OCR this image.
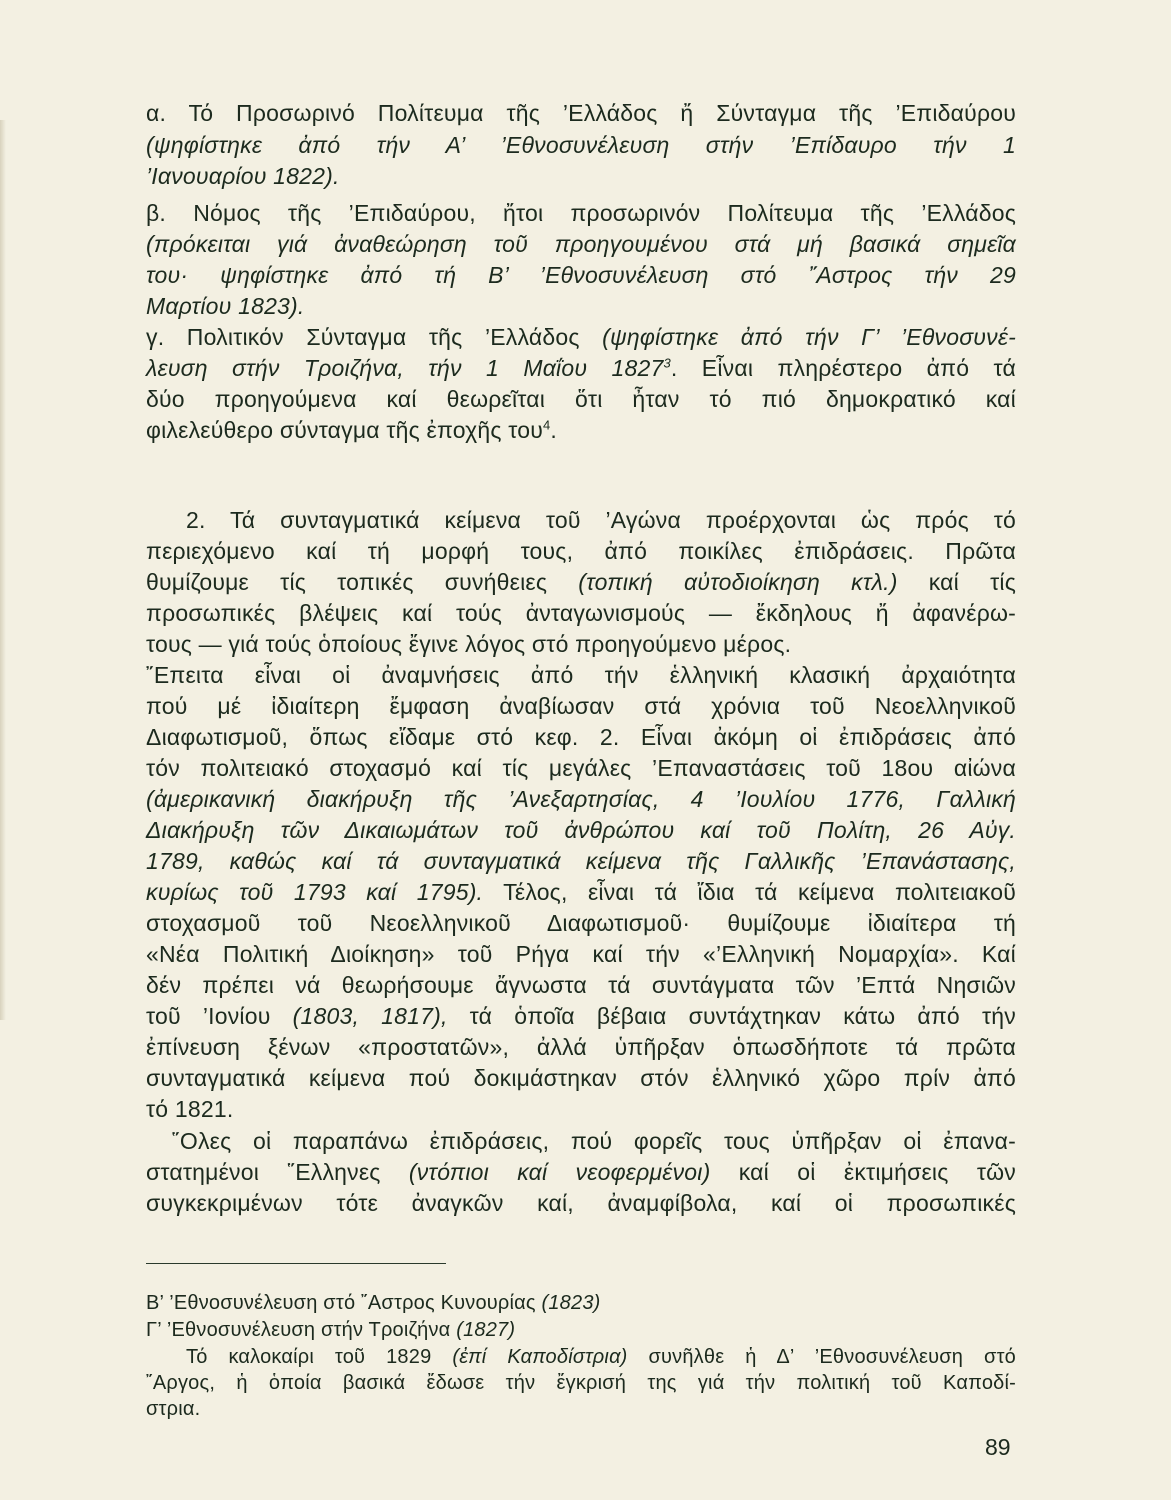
α. Τό Προσωρινό Πολίτευμα τῆς ’Ελλάδος ἤ Σύνταγμα τῆς ’Επιδαύρου
(ψηφίστηκε ἀπό τήν Α’ ’Εθνοσυνέλευση στήν ’Επίδαυρο τήν 1
’Ιανουαρίου 1822).
β. Νόμος τῆς ’Επιδαύρου, ἤτοι προσωρινόν Πολίτευμα τῆς ’Ελλάδος
(πρόκειται γιά ἀναθεώρηση τοῦ προηγουμένου στά μή βασικά σημεῖα
του· ψηφίστηκε ἀπό τή Β’ ’Εθνοσυνέλευση στό ῎Αστρος τήν 29
Μαρτίου 1823).
γ. Πολιτικόν Σύνταγμα τῆς ’Ελλάδος (ψηφίστηκε ἀπό τήν Γ’ ’Εθνοσυνέ-
λευση στήν Τροιζήνα, τήν 1 Μαΐου 1827$^3$. Εἶναι πληρέστερο ἀπό τά
δύο προηγούμενα καί θεωρεῖται ὅτι ἦταν τό πιό δημοκρατικό καί
φιλελεύθερο σύνταγμα τῆς ἐποχῆς του$^4$.
2. Τά συνταγματικά κείμενα τοῦ ’Αγώνα προέρχονται ὡς πρός τό
περιεχόμενο καί τή μορφή τους, ἀπό ποικίλες ἐπιδράσεις. Πρῶτα
θυμίζουμε τίς τοπικές συνήθειες (τοπική αὐτοδιοίκηση κτλ.) καί τίς
προσωπικές βλέψεις καί τούς ἀνταγωνισμούς — ἔκδηλους ἤ ἀφανέρω-
τους — γιά τούς ὁποίους ἔγινε λόγος στό προηγούμενο μέρος.
῎Επειτα εἶναι οἱ ἀναμνήσεις ἀπό τήν ἑλληνική κλασική ἀρχαιότητα
πού μέ ἰδιαίτερη ἔμφαση ἀναβίωσαν στά χρόνια τοῦ Νεοελληνικοῦ
Διαφωτισμοῦ, ὅπως εἴδαμε στό κεφ. 2. Εἶναι ἀκόμη οἱ ἐπιδράσεις ἀπό
τόν πολιτειακό στοχασμό καί τίς μεγάλες ’Επαναστάσεις τοῦ 18ου αἰώνα
(ἀμερικανική διακήρυξη τῆς ’Ανεξαρτησίας, 4 ’Ιουλίου 1776, Γαλλική
Διακήρυξη τῶν Δικαιωμάτων τοῦ ἀνθρώπου καί τοῦ Πολίτη, 26 Αὐγ.
1789, καθώς καί τά συνταγματικά κείμενα τῆς Γαλλικῆς ’Επανάστασης,
κυρίως τοῦ 1793 καί 1795). Τέλος, εἶναι τά ἴδια τά κείμενα πολιτειακοῦ
στοχασμοῦ τοῦ Νεοελληνικοῦ Διαφωτισμοῦ· θυμίζουμε ἰδιαίτερα τή
«Νέα Πολιτική Διοίκηση» τοῦ Ρήγα καί τήν «’Ελληνική Νομαρχία». Καί
δέν πρέπει νά θεωρήσουμε ἄγνωστα τά συντάγματα τῶν ’Επτά Νησιῶν
τοῦ ’Ιονίου (1803, 1817), τά ὁποῖα βέβαια συντάχτηκαν κάτω ἀπό τήν
ἐπίνευση ξένων «προστατῶν», ἀλλά ὑπῆρξαν ὁπωσδήποτε τά πρῶτα
συνταγματικά κείμενα πού δοκιμάστηκαν στόν ἑλληνικό χῶρο πρίν ἀπό
τό 1821.
῞Ολες οἱ παραπάνω ἐπιδράσεις, πού φορεῖς τους ὑπῆρξαν οἱ ἐπανα-
στατημένοι ῞Ελληνες (ντόπιοι καί νεοφερμένοι) καί οἱ ἐκτιμήσεις τῶν
συγκεκριμένων τότε ἀναγκῶν καί, ἀναμφίβολα, καί οἱ προσωπικές
Β’ ’Εθνοσυνέλευση στό ῎Αστρος Κυνουρίας (1823)
Γ’ ’Εθνοσυνέλευση στήν Τροιζήνα (1827)
Τό καλοκαίρι τοῦ 1829 (ἐπί Καποδίστρια) συνῆλθε ἡ Δ’ ’Εθνοσυνέλευση στό
῎Αργος, ἡ ὁποία βασικά ἔδωσε τήν ἔγκρισή της γιά τήν πολιτική τοῦ Καποδί-
στρια.
89
